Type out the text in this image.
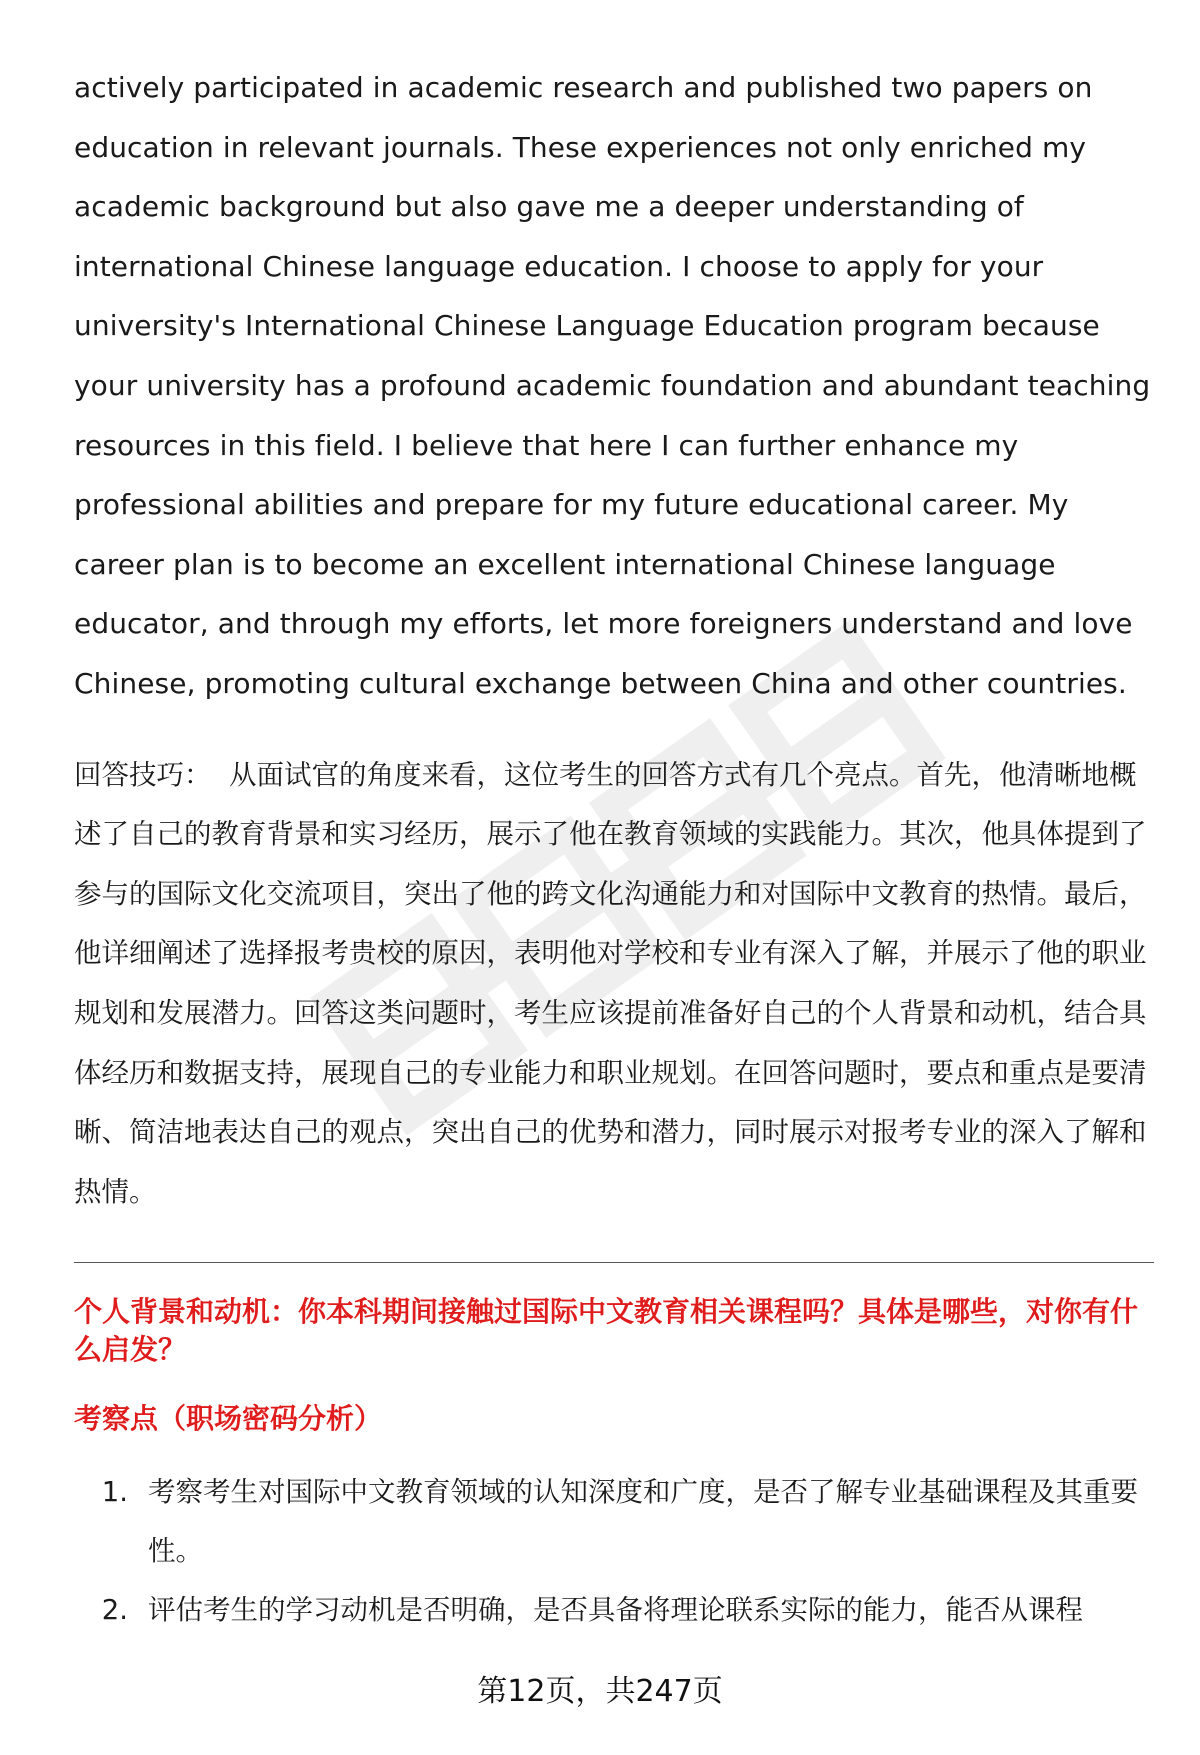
actively participated in academic research and published two papers on education in relevant journals. These experiences not only enriched my academic background but also gave me a deeper understanding of international Chinese language education. I choose to apply for your university's International Chinese Language Education program because your university has a profound academic foundation and abundant teaching resources in this field. I believe that here I can further enhance my professional abilities and prepare for my future educational career. My career plan is to become an excellent international Chinese language educator, and through my efforts, let more foreigners understand and love Chinese, promoting cultural exchange between China and other countries.

回答技巧： 从面试官的角度来看，这位考生的回答方式有几个亮点。首先，他清晰地概述了自己的教育背景和实习经历，展示了他在教育领域的实践能力。其次，他具体提到了参与的国际文化交流项目，突出了他的跨文化沟通能力和对国际中文教育的热情。最后，他详细阐述了选择报考贵校的原因，表明他对学校和专业有深入了解，并展示了他的职业规划和发展潜力。回答这类问题时，考生应该提前准备好自己的个人背景和动机，结合具体经历和数据支持，展现自己的专业能力和职业规划。在回答问题时，要点和重点是要清晰、简洁地表达自己的观点，突出自己的优势和潜力，同时展示对报考专业的深入了解和热情。

个人背景和动机：你本科期间接触过国际中文教育相关课程吗？具体是哪些，对你有什么启发？
考察点（职场密码分析）
1. 考察考生对国际中文教育领域的认知深度和广度，是否了解专业基础课程及其重要性。
2. 评估考生的学习动机是否明确，是否具备将理论联系实际的能力，能否从课程
第12页，共247页
